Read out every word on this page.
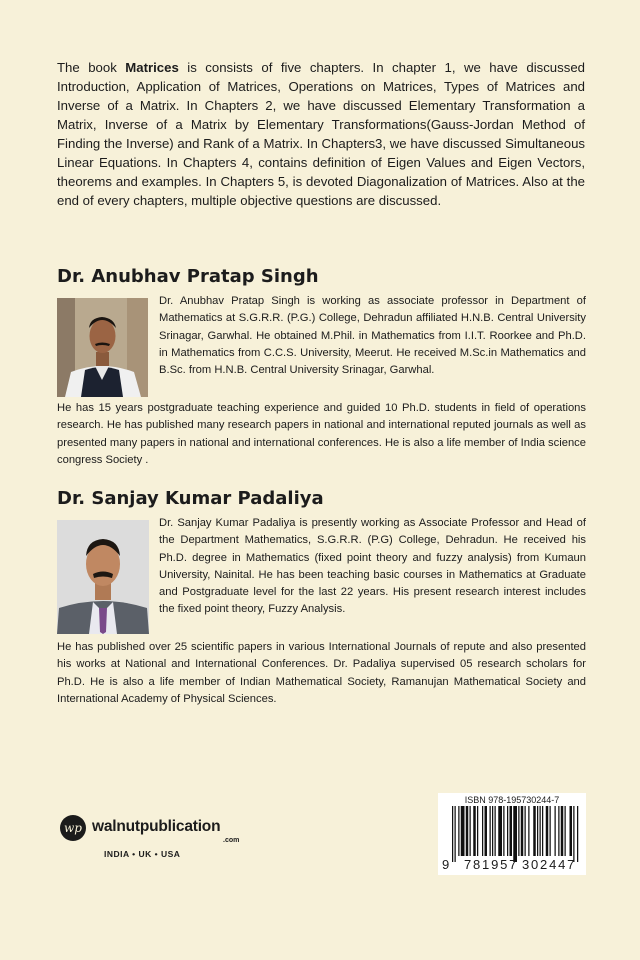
The book Matrices is consists of five chapters. In chapter 1, we have discussed Introduction, Application of Matrices, Operations on Matrices, Types of Matrices and Inverse of a Matrix. In Chapters 2, we have discussed Elementary Transformation a Matrix, Inverse of a Matrix by Elementary Transformations(Gauss-Jordan Method of Finding the Inverse) and Rank of a Matrix. In Chapters3, we have discussed Simultaneous Linear Equations. In Chapters 4, contains definition of Eigen Values and Eigen Vectors, theorems and examples. In Chapters 5, is devoted Diagonalization of Matrices. Also at the end of every chapters, multiple objective questions are discussed.

Dr. Anubhav Pratap Singh

Dr. Anubhav Pratap Singh is working as associate professor in Department of Mathematics at S.G.R.R. (P.G.) College, Dehradun affiliated H.N.B. Central University Srinagar, Garwhal. He obtained M.Phil. in Mathematics from I.I.T. Roorkee and Ph.D. in Mathematics from C.C.S. University, Meerut. He received M.Sc.in Mathematics and B.Sc. from H.N.B. Central University Srinagar, Garwhal.

He has 15 years postgraduate teaching experience and guided 10 Ph.D. students in field of operations research. He has published many research papers in national and international reputed journals as well as presented many papers in national and international conferences. He is also a life member of India science congress Society .

Dr. Sanjay Kumar Padaliya

Dr. Sanjay Kumar Padaliya is presently working as Associate Professor and Head of the Department Mathematics, S.G.R.R. (P.G) College, Dehradun. He received his Ph.D. degree in Mathematics (fixed point theory and fuzzy analysis) from Kumaun University, Nainital. He has been teaching basic courses in Mathematics at Graduate and Postgraduate level for the last 22 years. His present research interest includes the fixed point theory, Fuzzy Analysis.

He has published over 25 scientific papers in various International Journals of repute and also presented his works at National and International Conferences. Dr. Padaliya supervised 05 research scholars for Ph.D. He is also a life member of Indian Mathematical Society, Ramanujan Mathematical Society and International Academy of Physical Sciences.

wp walnutpublication
.com
INDIA • UK • USA
ISBN 978-195730244-7
9 781957 302447
